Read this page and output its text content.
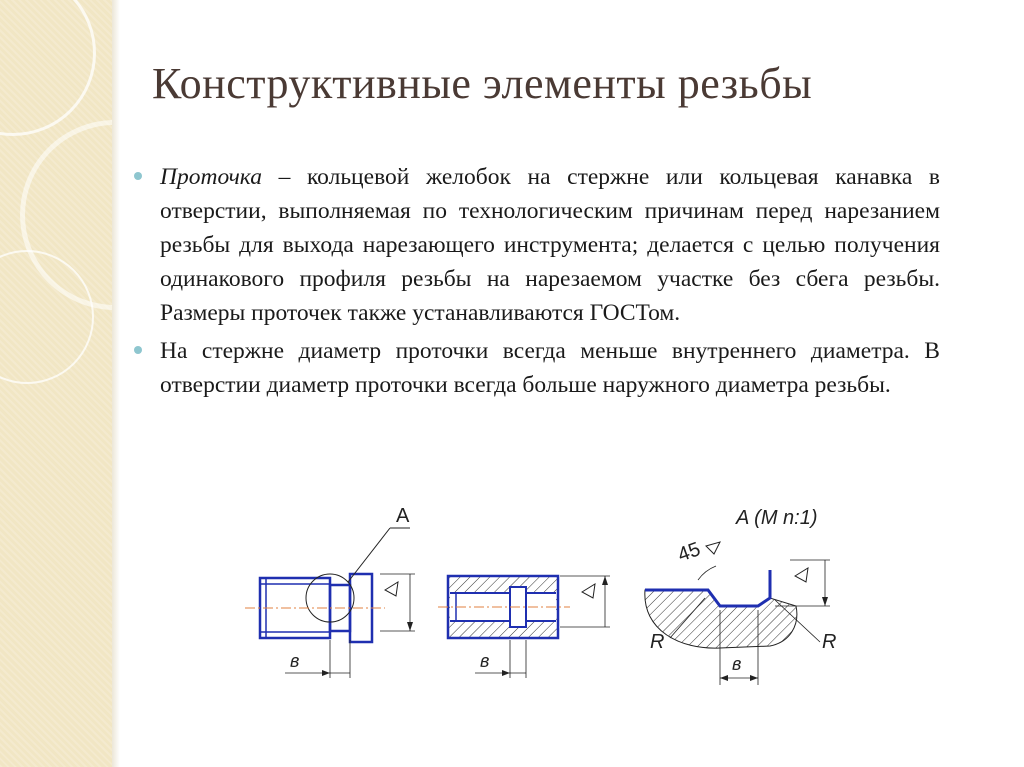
Конструктивные элементы резьбы

Проточка – кольцевой желобок на стержне или кольцевая канавка в отверстии, выполняемая по технологическим причинам перед нарезанием резьбы для выхода нарезающего инструмента; делается с целью получения одинакового профиля резьбы на нарезаемом участке без сбега резьбы. Размеры проточек также устанавливаются ГОСТом.

На стержне диаметр проточки всегда меньше внутреннего диаметра. В отверстии диаметр проточки всегда больше наружного диаметра резьбы.

A
в	в
A (M n:1)
45
R	R
в
